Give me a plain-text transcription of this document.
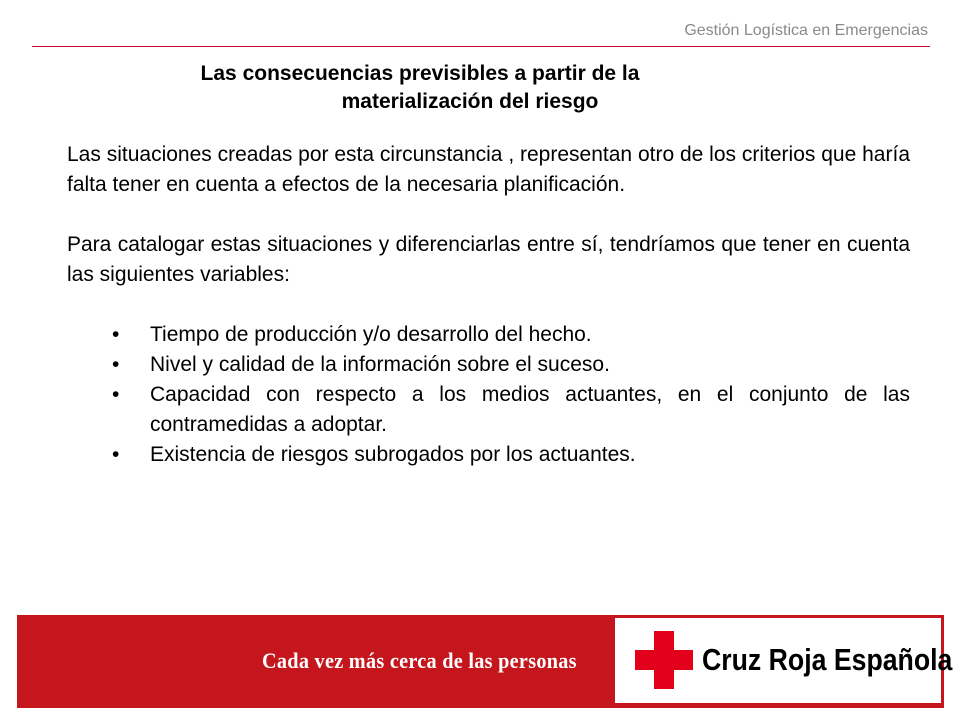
Gestión Logística en Emergencias
Las consecuencias previsibles a partir de la
materialización del riesgo

Las situaciones creadas por esta circunstancia , representan otro de los criterios que haría falta tener en cuenta a efectos de la necesaria planificación.

Para catalogar estas situaciones y diferenciarlas entre sí, tendríamos que tener en cuenta las siguientes variables:

• Tiempo de producción y/o desarrollo del hecho.
• Nivel y calidad de la información sobre el suceso.
• Capacidad con respecto a los medios actuantes, en el conjunto de las contramedidas a adoptar.
• Existencia de riesgos subrogados por los actuantes.
Cada vez más cerca de las personas	Cruz Roja Española
